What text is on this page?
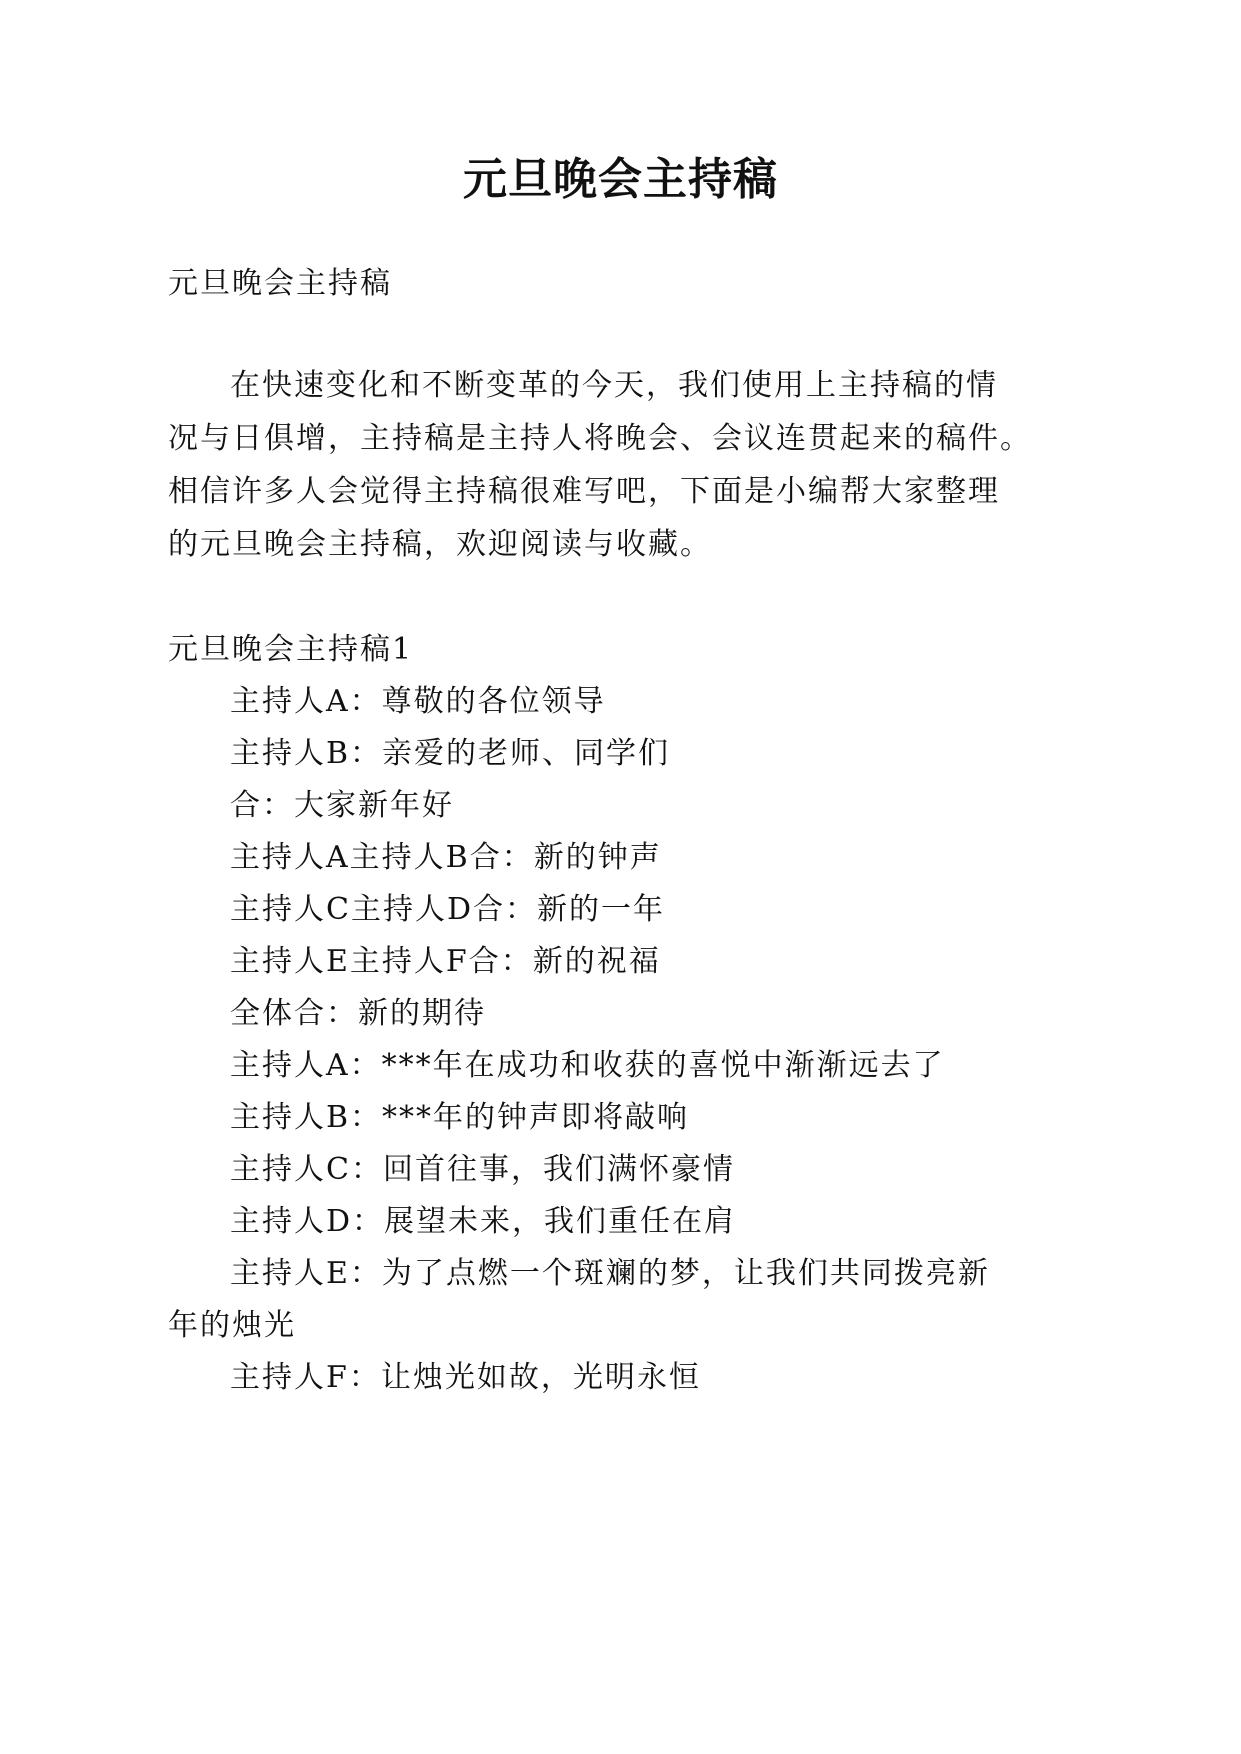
元旦晚会主持稿
元旦晚会主持稿
在快速变化和不断变革的今天，我们使用上主持稿的情
况与日俱增，主持稿是主持人将晚会、会议连贯起来的稿件。
相信许多人会觉得主持稿很难写吧，下面是小编帮大家整理
的元旦晚会主持稿，欢迎阅读与收藏。
元旦晚会主持稿1
主持人A：尊敬的各位领导
主持人B：亲爱的老师、同学们
合：大家新年好
主持人A主持人B合：新的钟声
主持人C主持人D合：新的一年
主持人E主持人F合：新的祝福
全体合：新的期待
主持人A：***年在成功和收获的喜悦中渐渐远去了
主持人B：***年的钟声即将敲响
主持人C：回首往事，我们满怀豪情
主持人D：展望未来，我们重任在肩
主持人E：为了点燃一个斑斓的梦，让我们共同拨亮新
年的烛光
主持人F：让烛光如故，光明永恒
